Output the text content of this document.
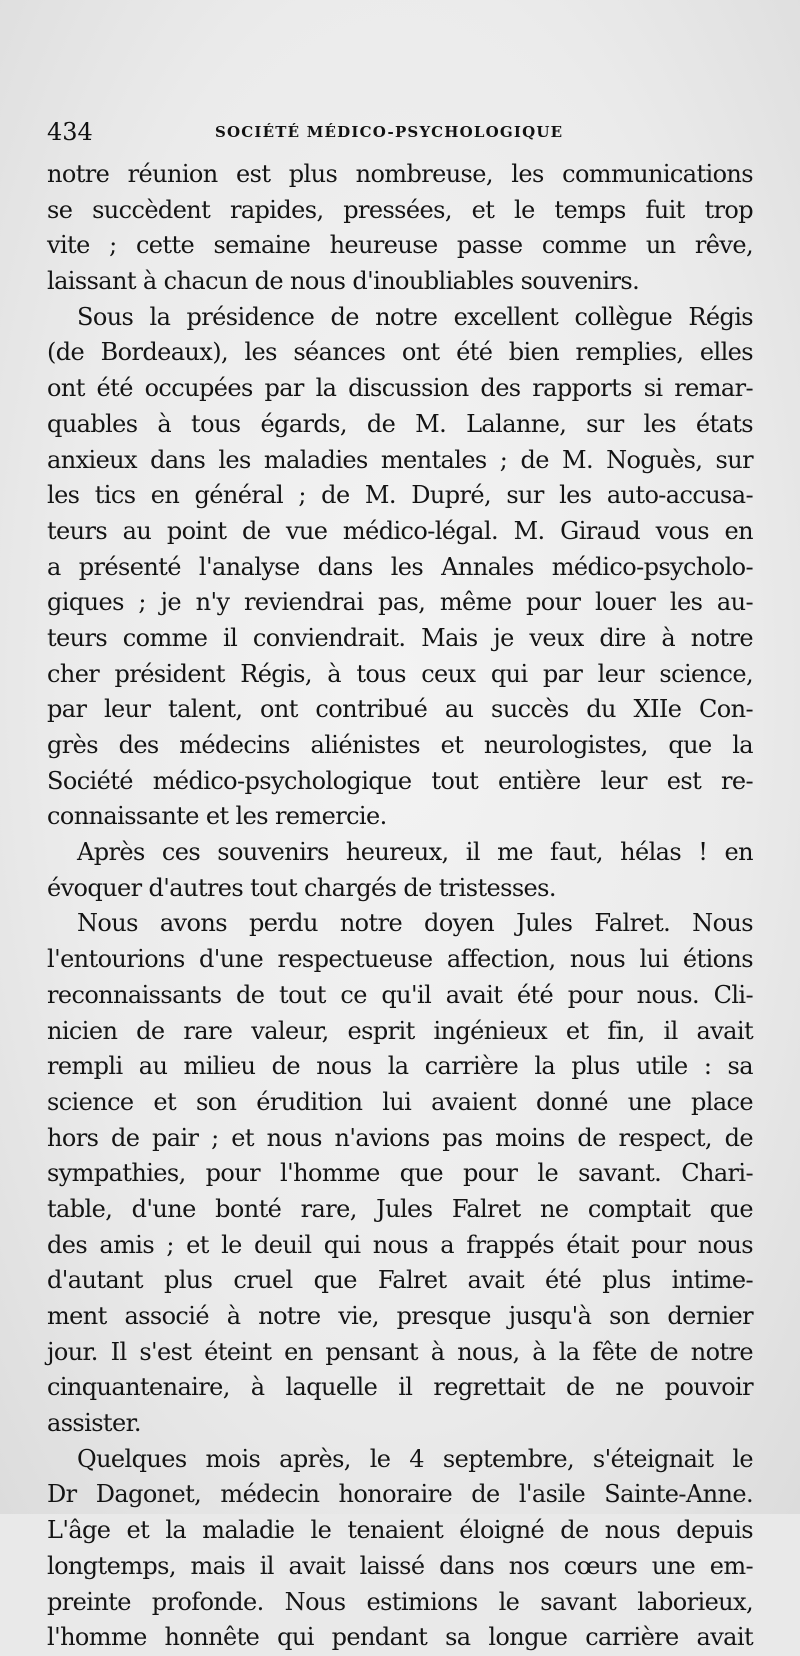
434	SOCIÉTÉ MÉDICO-PSYCHOLOGIQUE
notre réunion est plus nombreuse, les communications
se succèdent rapides, pressées, et le temps fuit trop
vite ; cette semaine heureuse passe comme un rêve,
laissant à chacun de nous d'inoubliables souvenirs.
Sous la présidence de notre excellent collègue Régis
(de Bordeaux), les séances ont été bien remplies, elles
ont été occupées par la discussion des rapports si remar-
quables à tous égards, de M. Lalanne, sur les états
anxieux dans les maladies mentales ; de M. Noguès, sur
les tics en général ; de M. Dupré, sur les auto-accusa-
teurs au point de vue médico-légal. M. Giraud vous en
a présenté l'analyse dans les Annales médico-psycholo-
giques ; je n'y reviendrai pas, même pour louer les au-
teurs comme il conviendrait. Mais je veux dire à notre
cher président Régis, à tous ceux qui par leur science,
par leur talent, ont contribué au succès du XIIe Con-
grès des médecins aliénistes et neurologistes, que la
Société médico-psychologique tout entière leur est re-
connaissante et les remercie.
Après ces souvenirs heureux, il me faut, hélas ! en
évoquer d'autres tout chargés de tristesses.
Nous avons perdu notre doyen Jules Falret. Nous
l'entourions d'une respectueuse affection, nous lui étions
reconnaissants de tout ce qu'il avait été pour nous. Cli-
nicien de rare valeur, esprit ingénieux et fin, il avait
rempli au milieu de nous la carrière la plus utile : sa
science et son érudition lui avaient donné une place
hors de pair ; et nous n'avions pas moins de respect, de
sympathies, pour l'homme que pour le savant. Chari-
table, d'une bonté rare, Jules Falret ne comptait que
des amis ; et le deuil qui nous a frappés était pour nous
d'autant plus cruel que Falret avait été plus intime-
ment associé à notre vie, presque jusqu'à son dernier
jour. Il s'est éteint en pensant à nous, à la fête de notre
cinquantenaire, à laquelle il regrettait de ne pouvoir
assister.
Quelques mois après, le 4 septembre, s'éteignait le
Dr Dagonet, médecin honoraire de l'asile Sainte-Anne.
L'âge et la maladie le tenaient éloigné de nous depuis
longtemps, mais il avait laissé dans nos cœurs une em-
preinte profonde. Nous estimions le savant laborieux,
l'homme honnête qui pendant sa longue carrière avait
